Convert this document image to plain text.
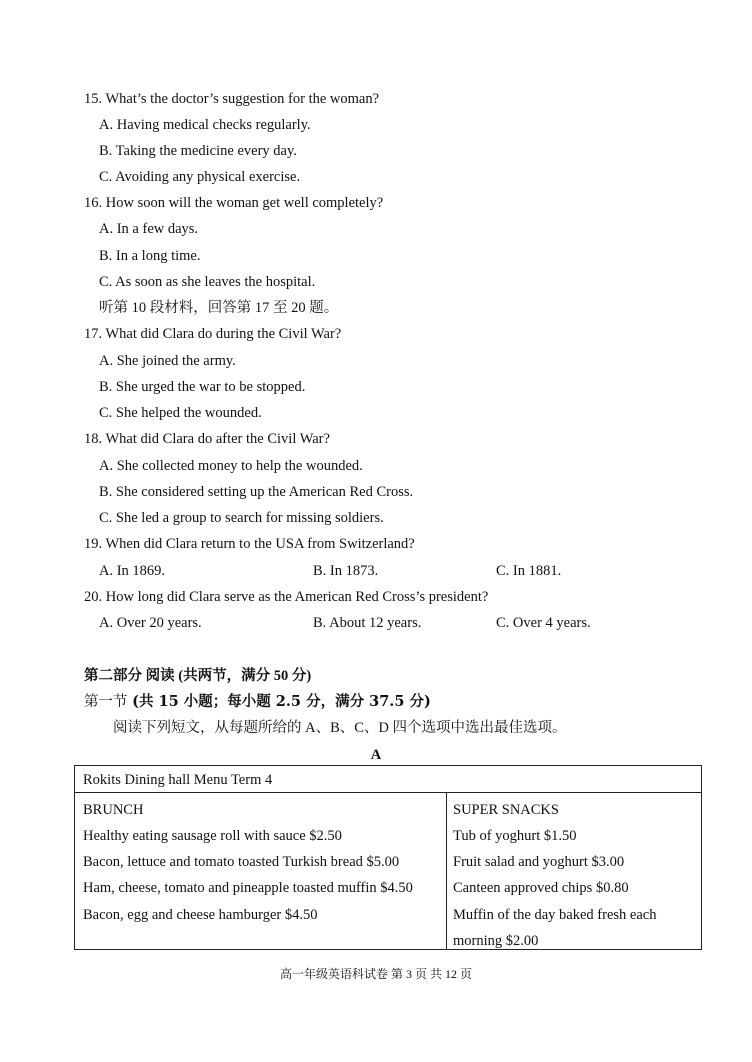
15. What’s the doctor’s suggestion for the woman?
A. Having medical checks regularly.
B. Taking the medicine every day.
C. Avoiding any physical exercise.
16. How soon will the woman get well completely?
A. In a few days.
B. In a long time.
C. As soon as she leaves the hospital.
听第 10 段材料，回答第 17 至 20 题。
17. What did Clara do during the Civil War?
A. She joined the army.
B. She urged the war to be stopped.
C. She helped the wounded.
18. What did Clara do after the Civil War?
A. She collected money to help the wounded.
B. She considered setting up the American Red Cross.
C. She led a group to search for missing soldiers.
19. When did Clara return to the USA from Switzerland?
A. In 1869.	B. In 1873.	C. In 1881.
20. How long did Clara serve as the American Red Cross’s president?
A. Over 20 years.	B. About 12 years.	C. Over 4 years.
第二部分 阅读 (共两节，满分 50 分)
第一节 (共 15 小题；每小题 2.5 分，满分 37.5 分)
阅读下列短文，从每题所给的 A、B、C、D 四个选项中选出最佳选项。
A
Rokits Dining hall Menu Term 4
BRUNCH
Healthy eating sausage roll with sauce $2.50
Bacon, lettuce and tomato toasted Turkish bread $5.00
Ham, cheese, tomato and pineapple toasted muffin $4.50
Bacon, egg and cheese hamburger $4.50
SUPER SNACKS
Tub of yoghurt $1.50
Fruit salad and yoghurt $3.00
Canteen approved chips $0.80
Muffin of the day baked fresh each
morning $2.00
高一年级英语科试卷 第 3 页 共 12 页
